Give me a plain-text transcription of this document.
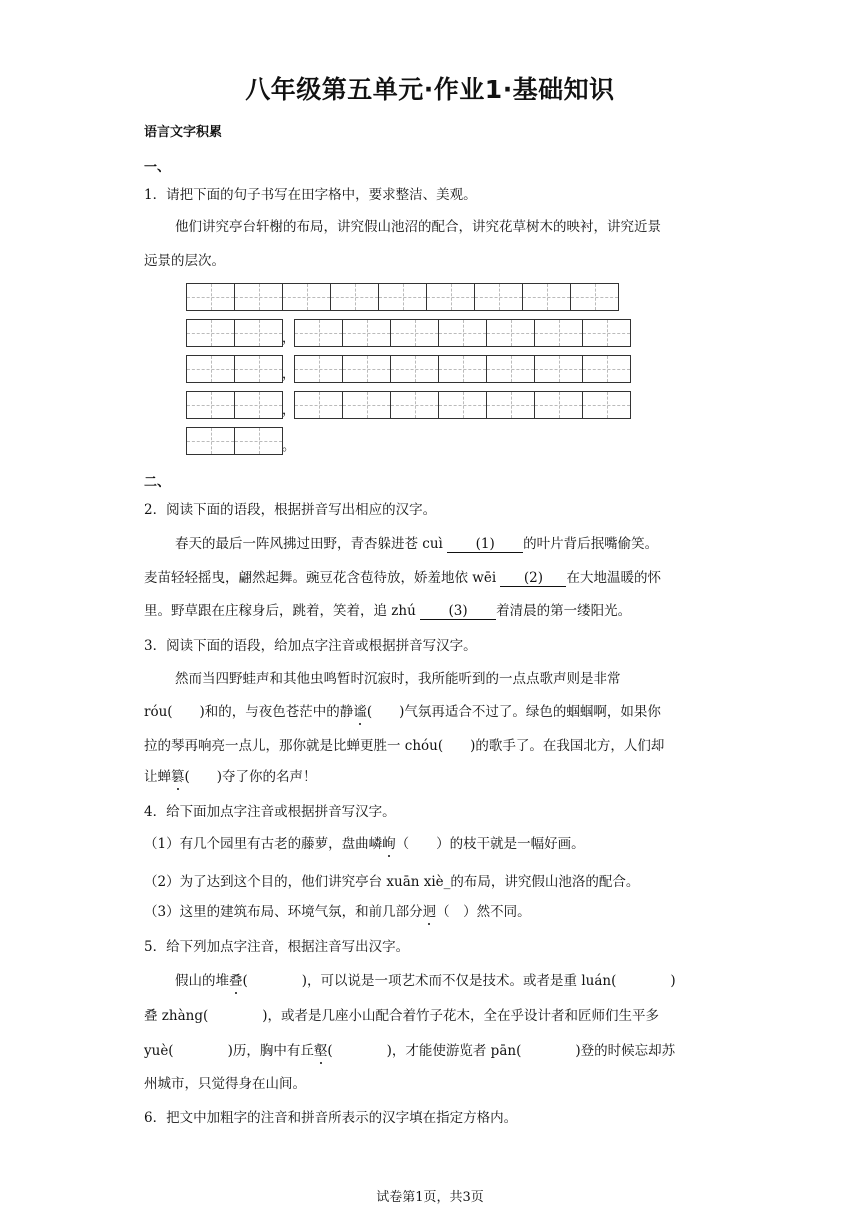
八年级第五单元·作业1·基础知识
语言文字积累
一、
1．请把下面的句子书写在田字格中，要求整洁、美观。
他们讲究亭台轩榭的布局，讲究假山池沼的配合，讲究花草树木的映衬，讲究近景
远景的层次。
，
，
，
。
二、
2．阅读下面的语段，根据拼音写出相应的汉字。
春天的最后一阵风拂过田野，青杏躲进苍 cuì (1) 的叶片背后抿嘴偷笑。
麦苗轻轻摇曳，翩然起舞。豌豆花含苞待放，娇羞地依 wēi (2) 在大地温暖的怀
里。野草跟在庄稼身后，跳着，笑着，追 zhú (3) 着清晨的第一缕阳光。
3．阅读下面的语段，给加点字注音或根据拼音写汉字。
然而当四野蛙声和其他虫鸣暂时沉寂时，我所能听到的一点点歌声则是非常
róu(　　)和的，与夜色苍茫中的静谧(　　)气氛再适合不过了。绿色的蝈蝈啊，如果你
拉的琴再响亮一点儿，那你就是比蝉更胜一 chóu(　　)的歌手了。在我国北方，人们却
让蝉篡(　　)夺了你的名声！
4．给下面加点字注音或根据拼音写汉字。
（1）有几个园里有古老的藤萝，盘曲嶙峋（　　）的枝干就是一幅好画。
（2）为了达到这个目的，他们讲究亭台 xuān xiè_的布局，讲究假山池洛的配合。
（3）这里的建筑布局、环境气氛，和前几部分迥（　）然不同。
5．给下列加点字注音，根据注音写出汉字。
假山的堆叠(　　　　)，可以说是一项艺术而不仅是技术。或者是重 luán(　　　　)
叠 zhàng(　　　　)，或者是几座小山配合着竹子花木，全在乎设计者和匠师们生平多
yuè(　　　　)历，胸中有丘壑(　　　　)，才能使游览者 pān(　　　　)登的时候忘却苏
州城市，只觉得身在山间。
6．把文中加粗字的注音和拼音所表示的汉字填在指定方格内。
试卷第1页，共3页
